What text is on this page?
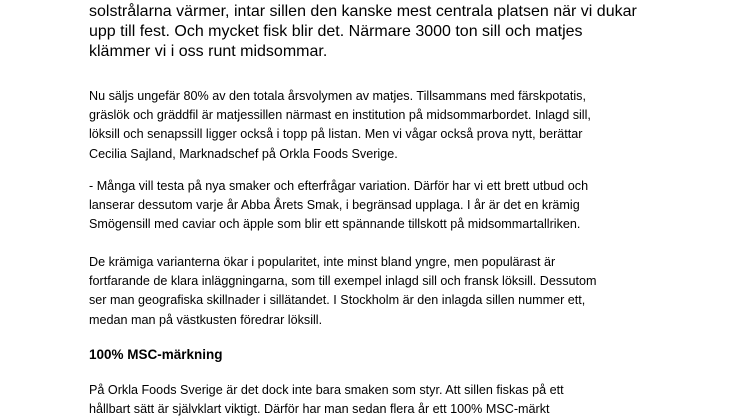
solstrålarna värmer, intar sillen den kanske mest centrala platsen när vi dukar
upp till fest. Och mycket fisk blir det. Närmare 3000 ton sill och matjes
klämmer vi i oss runt midsommar.

Nu säljs ungefär 80% av den totala årsvolymen av matjes. Tillsammans med färskpotatis,
gräslök och gräddfil är matjessillen närmast en institution på midsommarbordet. Inlagd sill,
löksill och senapssill ligger också i topp på listan. Men vi vågar också prova nytt, berättar
Cecilia Sajland, Marknadschef på Orkla Foods Sverige.

- Många vill testa på nya smaker och efterfrågar variation. Därför har vi ett brett utbud och
lanserar dessutom varje år Abba Årets Smak, i begränsad upplaga. I år är det en krämig
Smögensill med caviar och äpple som blir ett spännande tillskott på midsommartallriken.

De krämiga varianterna ökar i popularitet, inte minst bland yngre, men populärast är
fortfarande de klara inläggningarna, som till exempel inlagd sill och fransk löksill. Dessutom
ser man geografiska skillnader i sillätandet. I Stockholm är den inlagda sillen nummer ett,
medan man på västkusten föredrar löksill.

100% MSC-märkning

På Orkla Foods Sverige är det dock inte bara smaken som styr. Att sillen fiskas på ett
hållbart sätt är självklart viktigt. Därför har man sedan flera år ett 100% MSC-märkt
